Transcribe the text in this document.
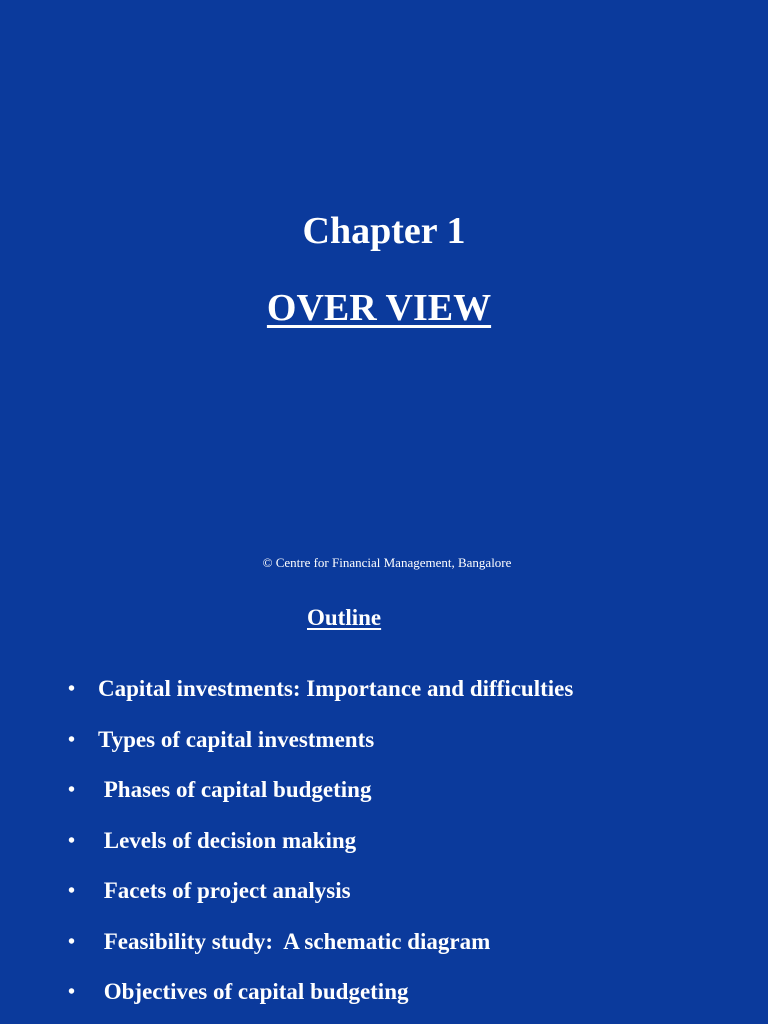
Chapter 1
OVER VIEW
© Centre for Financial Management, Bangalore
Outline
• Capital investments: Importance and difficulties
• Types of capital investments
• Phases of capital budgeting
• Levels of decision making
• Facets of project analysis
• Feasibility study:  A schematic diagram
• Objectives of capital budgeting
